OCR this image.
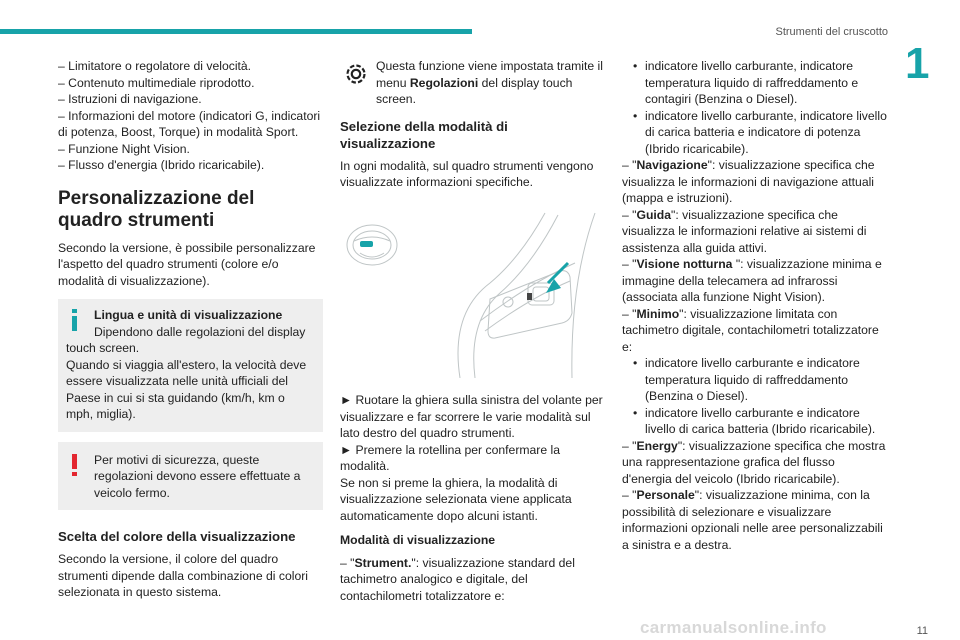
Strumenti del cruscotto
1

– Limitatore o regolatore di velocità.

– Contenuto multimediale riprodotto.

– Istruzioni di navigazione.

– Informazioni del motore (indicatori G, indicatori di potenza, Boost, Torque) in modalità Sport.

– Funzione Night Vision.

– Flusso d'energia (Ibrido ricaricabile).

Personalizzazione del quadro strumenti

Secondo la versione, è possibile personalizzare l'aspetto del quadro strumenti (colore e/o modalità di visualizzazione).

Lingua e unità di visualizzazione

Dipendono dalle regolazioni del display touch screen.

Quando si viaggia all'estero, la velocità deve essere visualizzata nelle unità ufficiali del Paese in cui si sta guidando (km/h, km o mph, miglia).

Per motivi di sicurezza, queste regolazioni devono essere effettuate a veicolo fermo.

Scelta del colore della visualizzazione

Secondo la versione, il colore del quadro strumenti dipende dalla combinazione di colori selezionata in questo sistema.

Questa funzione viene impostata tramite il menu Regolazioni del display touch screen.

Selezione della modalità di visualizzazione

In ogni modalità, sul quadro strumenti vengono visualizzate informazioni specifiche.

► Ruotare la ghiera sulla sinistra del volante per visualizzare e far scorrere le varie modalità sul lato destro del quadro strumenti.

► Premere la rotellina per confermare la modalità.

Se non si preme la ghiera, la modalità di visualizzazione selezionata viene applicata automaticamente dopo alcuni istanti.

Modalità di visualizzazione

– "Strument.": visualizzazione standard del tachimetro analogico e digitale, del contachilometri totalizzatore e:

• indicatore livello carburante, indicatore temperatura liquido di raffreddamento e contagiri (Benzina o Diesel).

• indicatore livello carburante, indicatore livello di carica batteria e indicatore di potenza (Ibrido ricaricabile).

– "Navigazione": visualizzazione specifica che visualizza le informazioni di navigazione attuali (mappa e istruzioni).

– "Guida": visualizzazione specifica che visualizza le informazioni relative ai sistemi di assistenza alla guida attivi.

– "Visione notturna ": visualizzazione minima e immagine della telecamera ad infrarossi (associata alla funzione Night Vision).

– "Minimo": visualizzazione limitata con tachimetro digitale, contachilometri totalizzatore e:

• indicatore livello carburante e indicatore temperatura liquido di raffreddamento (Benzina o Diesel).

• indicatore livello carburante e indicatore livello di carica batteria (Ibrido ricaricabile).

– "Energy": visualizzazione specifica che mostra una rappresentazione grafica del flusso d'energia del veicolo (Ibrido ricaricabile).

– "Personale": visualizzazione minima, con la possibilità di selezionare e visualizzare informazioni opzionali nelle aree personalizzabili a sinistra e a destra.

carmanualsonline.info	11
